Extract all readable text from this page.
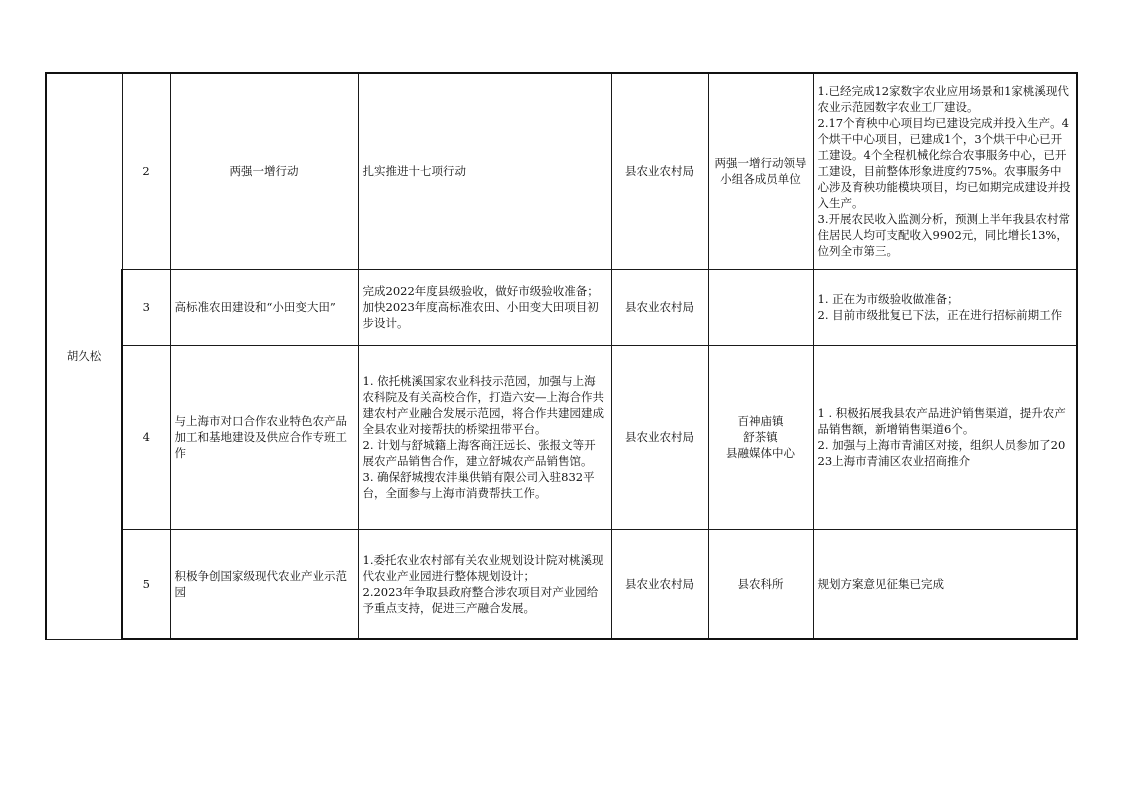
胡久松	2	两强一增行动	扎实推进十七项行动	县农业农村局	两强一增行动领导小组各成员单位	1.已经完成12家数字农业应用场景和1家桃溪现代农业示范园数字农业工厂建设。
2.17个育秧中心项目均已建设完成并投入生产。4个烘干中心项目，已建成1个，3个烘干中心已开工建设。4个全程机械化综合农事服务中心，已开工建设，目前整体形象进度约75%。农事服务中心涉及育秧功能模块项目，均已如期完成建设并投入生产。
3.开展农民收入监测分析，预测上半年我县农村常住居民人均可支配收入9902元，同比增长13%，位列全市第三。
	3	高标准农田建设和“小田变大田”	完成2022年度县级验收，做好市级验收准备；加快2023年度高标准农田、小田变大田项目初步设计。	县农业农村局		1. 正在为市级验收做准备；
2. 目前市级批复已下法，正在进行招标前期工作
	4	与上海市对口合作农业特色农产品加工和基地建设及供应合作专班工作	1. 依托桃溪国家农业科技示范园，加强与上海农科院及有关高校合作，打造六安—上海合作共建农村产业融合发展示范园，将合作共建园建成全县农业对接帮扶的桥梁扭带平台。
2. 计划与舒城籍上海客商汪远长、张报文等开展农产品销售合作，建立舒城农产品销售馆。
3. 确保舒城搜农沣巢供销有限公司入驻832平台，全面参与上海市消费帮扶工作。	县农业农村局	百神庙镇
舒茶镇
县融媒体中心	1 . 积极拓展我县农产品进沪销售渠道，提升农产品销售额，新增销售渠道6个。
2. 加强与上海市青浦区对接，组织人员参加了2023上海市青浦区农业招商推介
	5	积极争创国家级现代农业产业示范园	1.委托农业农村部有关农业规划设计院对桃溪现代农业产业园进行整体规划设计；
2.2023年争取县政府整合涉农项目对产业园给予重点支持，促进三产融合发展。	县农业农村局	县农科所	规划方案意见征集已完成
